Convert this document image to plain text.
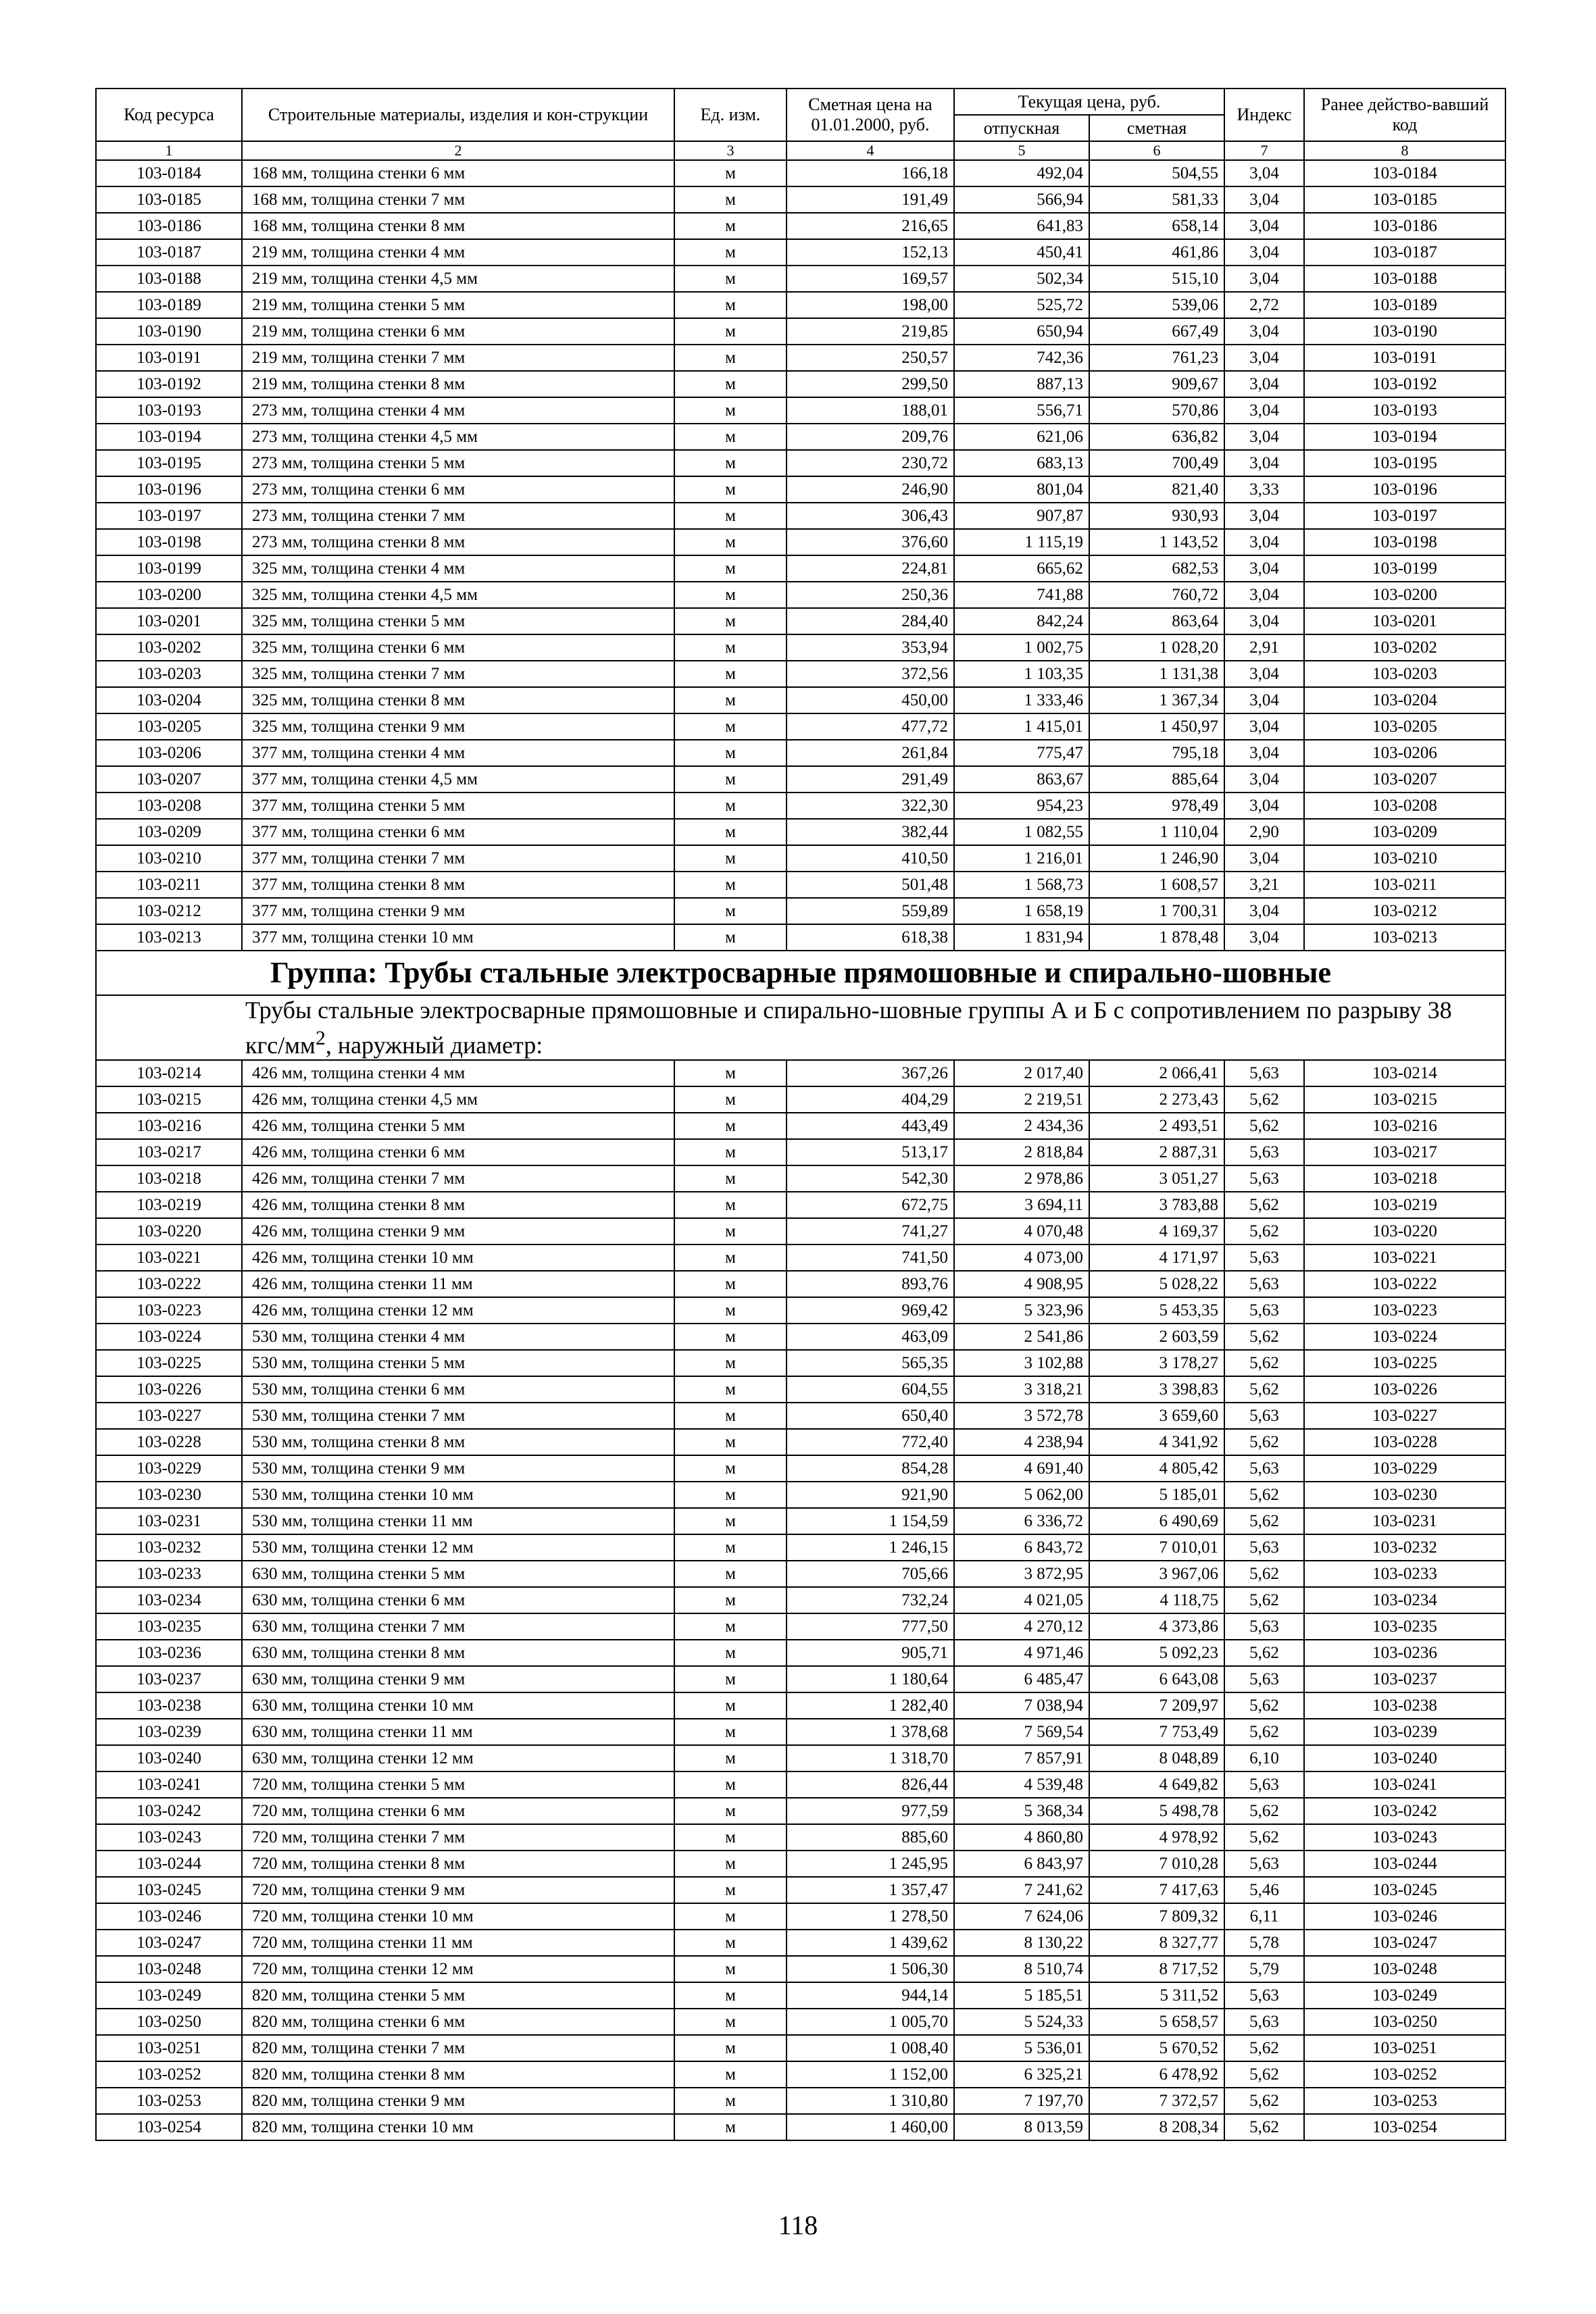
Код ресурса	Строительные материалы, изделия и кон-струкции	Ед. изм.	Сметная цена на 01.01.2000, руб.	Текущая цена, руб.		Индекс	Ранее действо-вавший код
				отпускная	сметная		
1	2	3	4	5	6	7	8
103-0184	168 мм, толщина стенки 6 мм	м	166,18	492,04	504,55	3,04	103-0184
103-0185	168 мм, толщина стенки 7 мм	м	191,49	566,94	581,33	3,04	103-0185
103-0186	168 мм, толщина стенки 8 мм	м	216,65	641,83	658,14	3,04	103-0186
103-0187	219 мм, толщина стенки 4 мм	м	152,13	450,41	461,86	3,04	103-0187
103-0188	219 мм, толщина стенки 4,5 мм	м	169,57	502,34	515,10	3,04	103-0188
103-0189	219 мм, толщина стенки 5 мм	м	198,00	525,72	539,06	2,72	103-0189
103-0190	219 мм, толщина стенки 6 мм	м	219,85	650,94	667,49	3,04	103-0190
103-0191	219 мм, толщина стенки 7 мм	м	250,57	742,36	761,23	3,04	103-0191
103-0192	219 мм, толщина стенки 8 мм	м	299,50	887,13	909,67	3,04	103-0192
103-0193	273 мм, толщина стенки 4 мм	м	188,01	556,71	570,86	3,04	103-0193
103-0194	273 мм, толщина стенки 4,5 мм	м	209,76	621,06	636,82	3,04	103-0194
103-0195	273 мм, толщина стенки 5 мм	м	230,72	683,13	700,49	3,04	103-0195
103-0196	273 мм, толщина стенки 6 мм	м	246,90	801,04	821,40	3,33	103-0196
103-0197	273 мм, толщина стенки 7 мм	м	306,43	907,87	930,93	3,04	103-0197
103-0198	273 мм, толщина стенки 8 мм	м	376,60	1 115,19	1 143,52	3,04	103-0198
103-0199	325 мм, толщина стенки 4 мм	м	224,81	665,62	682,53	3,04	103-0199
103-0200	325 мм, толщина стенки 4,5 мм	м	250,36	741,88	760,72	3,04	103-0200
103-0201	325 мм, толщина стенки 5 мм	м	284,40	842,24	863,64	3,04	103-0201
103-0202	325 мм, толщина стенки 6 мм	м	353,94	1 002,75	1 028,20	2,91	103-0202
103-0203	325 мм, толщина стенки 7 мм	м	372,56	1 103,35	1 131,38	3,04	103-0203
103-0204	325 мм, толщина стенки 8 мм	м	450,00	1 333,46	1 367,34	3,04	103-0204
103-0205	325 мм, толщина стенки 9 мм	м	477,72	1 415,01	1 450,97	3,04	103-0205
103-0206	377 мм, толщина стенки 4 мм	м	261,84	775,47	795,18	3,04	103-0206
103-0207	377 мм, толщина стенки 4,5 мм	м	291,49	863,67	885,64	3,04	103-0207
103-0208	377 мм, толщина стенки 5 мм	м	322,30	954,23	978,49	3,04	103-0208
103-0209	377 мм, толщина стенки 6 мм	м	382,44	1 082,55	1 110,04	2,90	103-0209
103-0210	377 мм, толщина стенки 7 мм	м	410,50	1 216,01	1 246,90	3,04	103-0210
103-0211	377 мм, толщина стенки 8 мм	м	501,48	1 568,73	1 608,57	3,21	103-0211
103-0212	377 мм, толщина стенки 9 мм	м	559,89	1 658,19	1 700,31	3,04	103-0212
103-0213	377 мм, толщина стенки 10 мм	м	618,38	1 831,94	1 878,48	3,04	103-0213
Группа: Трубы стальные электросварные прямошовные и спирально-шовные							
Трубы стальные электросварные прямошовные и спирально-шовные группы А и Б с сопротивлением по разрыву 38 кгс/$мм^2$, наружный диаметр:							
103-0214	426 мм, толщина стенки 4 мм	м	367,26	2 017,40	2 066,41	5,63	103-0214
103-0215	426 мм, толщина стенки 4,5 мм	м	404,29	2 219,51	2 273,43	5,62	103-0215
103-0216	426 мм, толщина стенки 5 мм	м	443,49	2 434,36	2 493,51	5,62	103-0216
103-0217	426 мм, толщина стенки 6 мм	м	513,17	2 818,84	2 887,31	5,63	103-0217
103-0218	426 мм, толщина стенки 7 мм	м	542,30	2 978,86	3 051,27	5,63	103-0218
103-0219	426 мм, толщина стенки 8 мм	м	672,75	3 694,11	3 783,88	5,62	103-0219
103-0220	426 мм, толщина стенки 9 мм	м	741,27	4 070,48	4 169,37	5,62	103-0220
103-0221	426 мм, толщина стенки 10 мм	м	741,50	4 073,00	4 171,97	5,63	103-0221
103-0222	426 мм, толщина стенки 11 мм	м	893,76	4 908,95	5 028,22	5,63	103-0222
103-0223	426 мм, толщина стенки 12 мм	м	969,42	5 323,96	5 453,35	5,63	103-0223
103-0224	530 мм, толщина стенки 4 мм	м	463,09	2 541,86	2 603,59	5,62	103-0224
103-0225	530 мм, толщина стенки 5 мм	м	565,35	3 102,88	3 178,27	5,62	103-0225
103-0226	530 мм, толщина стенки 6 мм	м	604,55	3 318,21	3 398,83	5,62	103-0226
103-0227	530 мм, толщина стенки 7 мм	м	650,40	3 572,78	3 659,60	5,63	103-0227
103-0228	530 мм, толщина стенки 8 мм	м	772,40	4 238,94	4 341,92	5,62	103-0228
103-0229	530 мм, толщина стенки 9 мм	м	854,28	4 691,40	4 805,42	5,63	103-0229
103-0230	530 мм, толщина стенки 10 мм	м	921,90	5 062,00	5 185,01	5,62	103-0230
103-0231	530 мм, толщина стенки 11 мм	м	1 154,59	6 336,72	6 490,69	5,62	103-0231
103-0232	530 мм, толщина стенки 12 мм	м	1 246,15	6 843,72	7 010,01	5,63	103-0232
103-0233	630 мм, толщина стенки 5 мм	м	705,66	3 872,95	3 967,06	5,62	103-0233
103-0234	630 мм, толщина стенки 6 мм	м	732,24	4 021,05	4 118,75	5,62	103-0234
103-0235	630 мм, толщина стенки 7 мм	м	777,50	4 270,12	4 373,86	5,63	103-0235
103-0236	630 мм, толщина стенки 8 мм	м	905,71	4 971,46	5 092,23	5,62	103-0236
103-0237	630 мм, толщина стенки 9 мм	м	1 180,64	6 485,47	6 643,08	5,63	103-0237
103-0238	630 мм, толщина стенки 10 мм	м	1 282,40	7 038,94	7 209,97	5,62	103-0238
103-0239	630 мм, толщина стенки 11 мм	м	1 378,68	7 569,54	7 753,49	5,62	103-0239
103-0240	630 мм, толщина стенки 12 мм	м	1 318,70	7 857,91	8 048,89	6,10	103-0240
103-0241	720 мм, толщина стенки 5 мм	м	826,44	4 539,48	4 649,82	5,63	103-0241
103-0242	720 мм, толщина стенки 6 мм	м	977,59	5 368,34	5 498,78	5,62	103-0242
103-0243	720 мм, толщина стенки 7 мм	м	885,60	4 860,80	4 978,92	5,62	103-0243
103-0244	720 мм, толщина стенки 8 мм	м	1 245,95	6 843,97	7 010,28	5,63	103-0244
103-0245	720 мм, толщина стенки 9 мм	м	1 357,47	7 241,62	7 417,63	5,46	103-0245
103-0246	720 мм, толщина стенки 10 мм	м	1 278,50	7 624,06	7 809,32	6,11	103-0246
103-0247	720 мм, толщина стенки 11 мм	м	1 439,62	8 130,22	8 327,77	5,78	103-0247
103-0248	720 мм, толщина стенки 12 мм	м	1 506,30	8 510,74	8 717,52	5,79	103-0248
103-0249	820 мм, толщина стенки 5 мм	м	944,14	5 185,51	5 311,52	5,63	103-0249
103-0250	820 мм, толщина стенки 6 мм	м	1 005,70	5 524,33	5 658,57	5,63	103-0250
103-0251	820 мм, толщина стенки 7 мм	м	1 008,40	5 536,01	5 670,52	5,62	103-0251
103-0252	820 мм, толщина стенки 8 мм	м	1 152,00	6 325,21	6 478,92	5,62	103-0252
103-0253	820 мм, толщина стенки 9 мм	м	1 310,80	7 197,70	7 372,57	5,62	103-0253
103-0254	820 мм, толщина стенки 10 мм	м	1 460,00	8 013,59	8 208,34	5,62	103-0254
118
